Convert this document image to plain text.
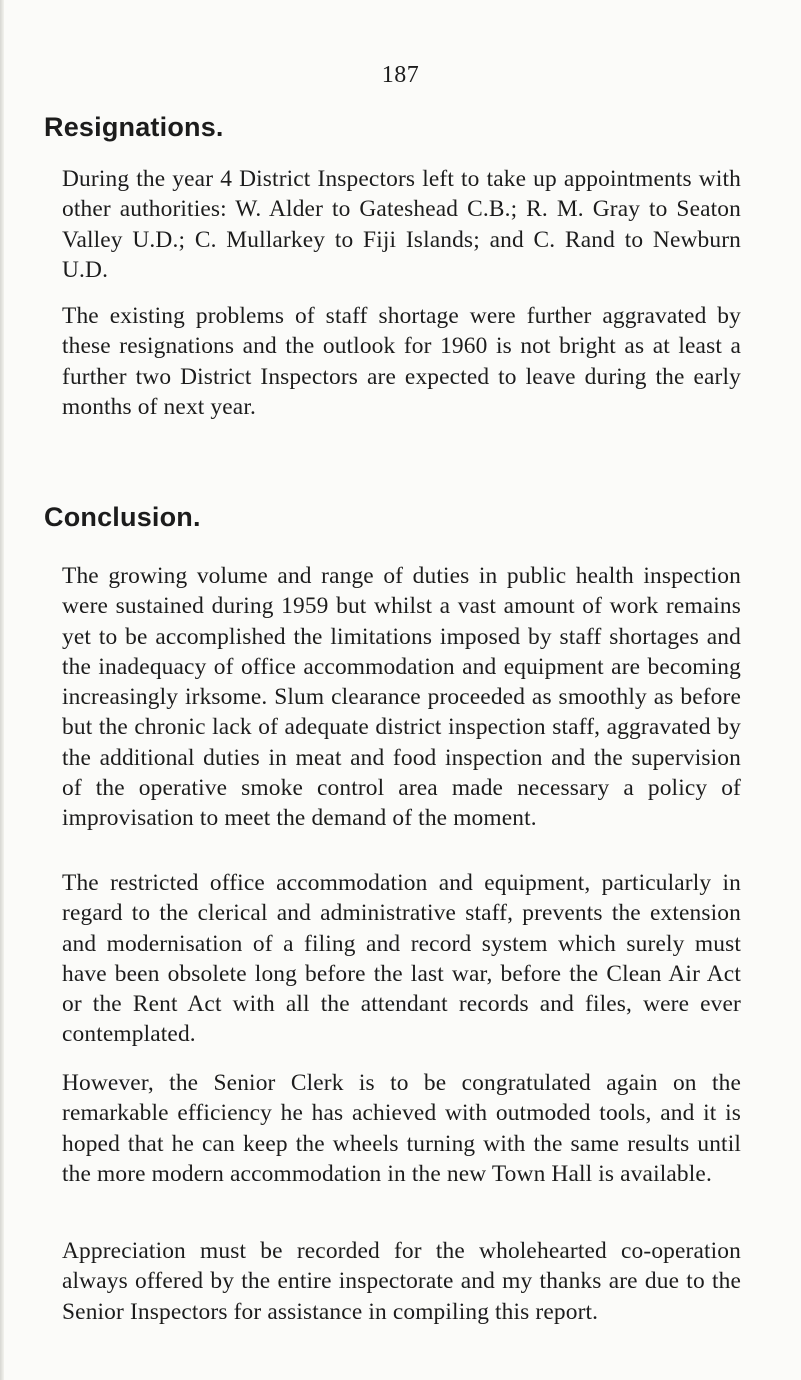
187
Resignations.

During the year 4 District Inspectors left to take up appointments with other authorities: W. Alder to Gateshead C.B.; R. M. Gray to Seaton Valley U.D.; C. Mullarkey to Fiji Islands; and C. Rand to Newburn U.D.

The existing problems of staff shortage were further aggravated by these resignations and the outlook for 1960 is not bright as at least a further two District Inspectors are expected to leave during the early months of next year.

Conclusion.

The growing volume and range of duties in public health inspection were sustained during 1959 but whilst a vast amount of work remains yet to be accomplished the limitations imposed by staff shortages and the inadequacy of office accommodation and equipment are becoming increasingly irksome. Slum clearance proceeded as smoothly as before but the chronic lack of adequate district inspection staff, aggravated by the additional duties in meat and food inspection and the supervision of the operative smoke control area made necessary a policy of improvisation to meet the demand of the moment.

The restricted office accommodation and equipment, particularly in regard to the clerical and administrative staff, prevents the extension and modernisation of a filing and record system which surely must have been obsolete long before the last war, before the Clean Air Act or the Rent Act with all the attendant records and files, were ever contemplated.

However, the Senior Clerk is to be congratulated again on the remarkable efficiency he has achieved with outmoded tools, and it is hoped that he can keep the wheels turning with the same results until the more modern accommodation in the new Town Hall is available.

Appreciation must be recorded for the wholehearted co-operation always offered by the entire inspectorate and my thanks are due to the Senior Inspectors for assistance in compiling this report.
